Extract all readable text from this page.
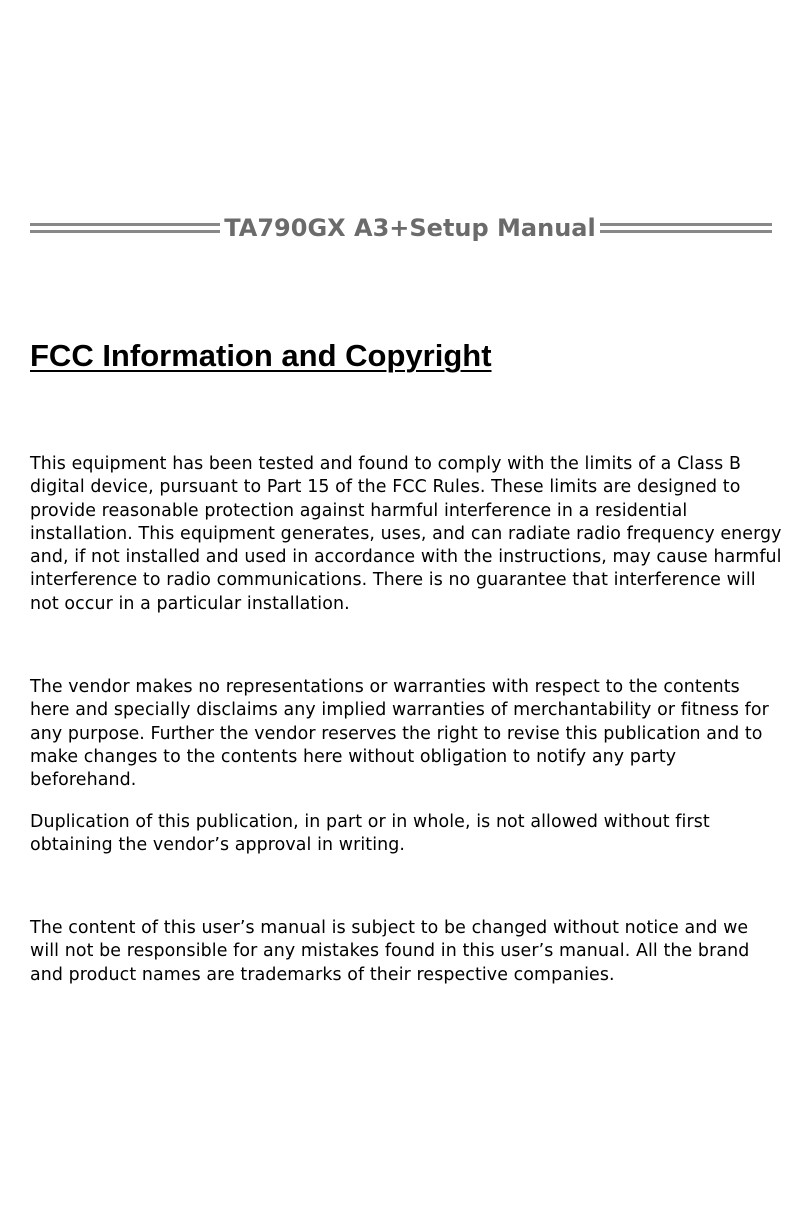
TA790GX A3+Setup Manual
FCC Information and Copyright

This equipment has been tested and found to comply with the limits of a Class B digital device, pursuant to Part 15 of the FCC Rules. These limits are designed to provide reasonable protection against harmful interference in a residential installation. This equipment generates, uses, and can radiate radio frequency energy and, if not installed and used in accordance with the instructions, may cause harmful interference to radio communications. There is no guarantee that interference will not occur in a particular installation.

The vendor makes no representations or warranties with respect to the contents here and specially disclaims any implied warranties of merchantability or fitness for any purpose. Further the vendor reserves the right to revise this publication and to make changes to the contents here without obligation to notify any party beforehand.

Duplication of this publication, in part or in whole, is not allowed without first obtaining the vendor’s approval in writing.

The content of this user’s manual is subject to be changed without notice and we will not be responsible for any mistakes found in this user’s manual. All the brand and product names are trademarks of their respective companies.
